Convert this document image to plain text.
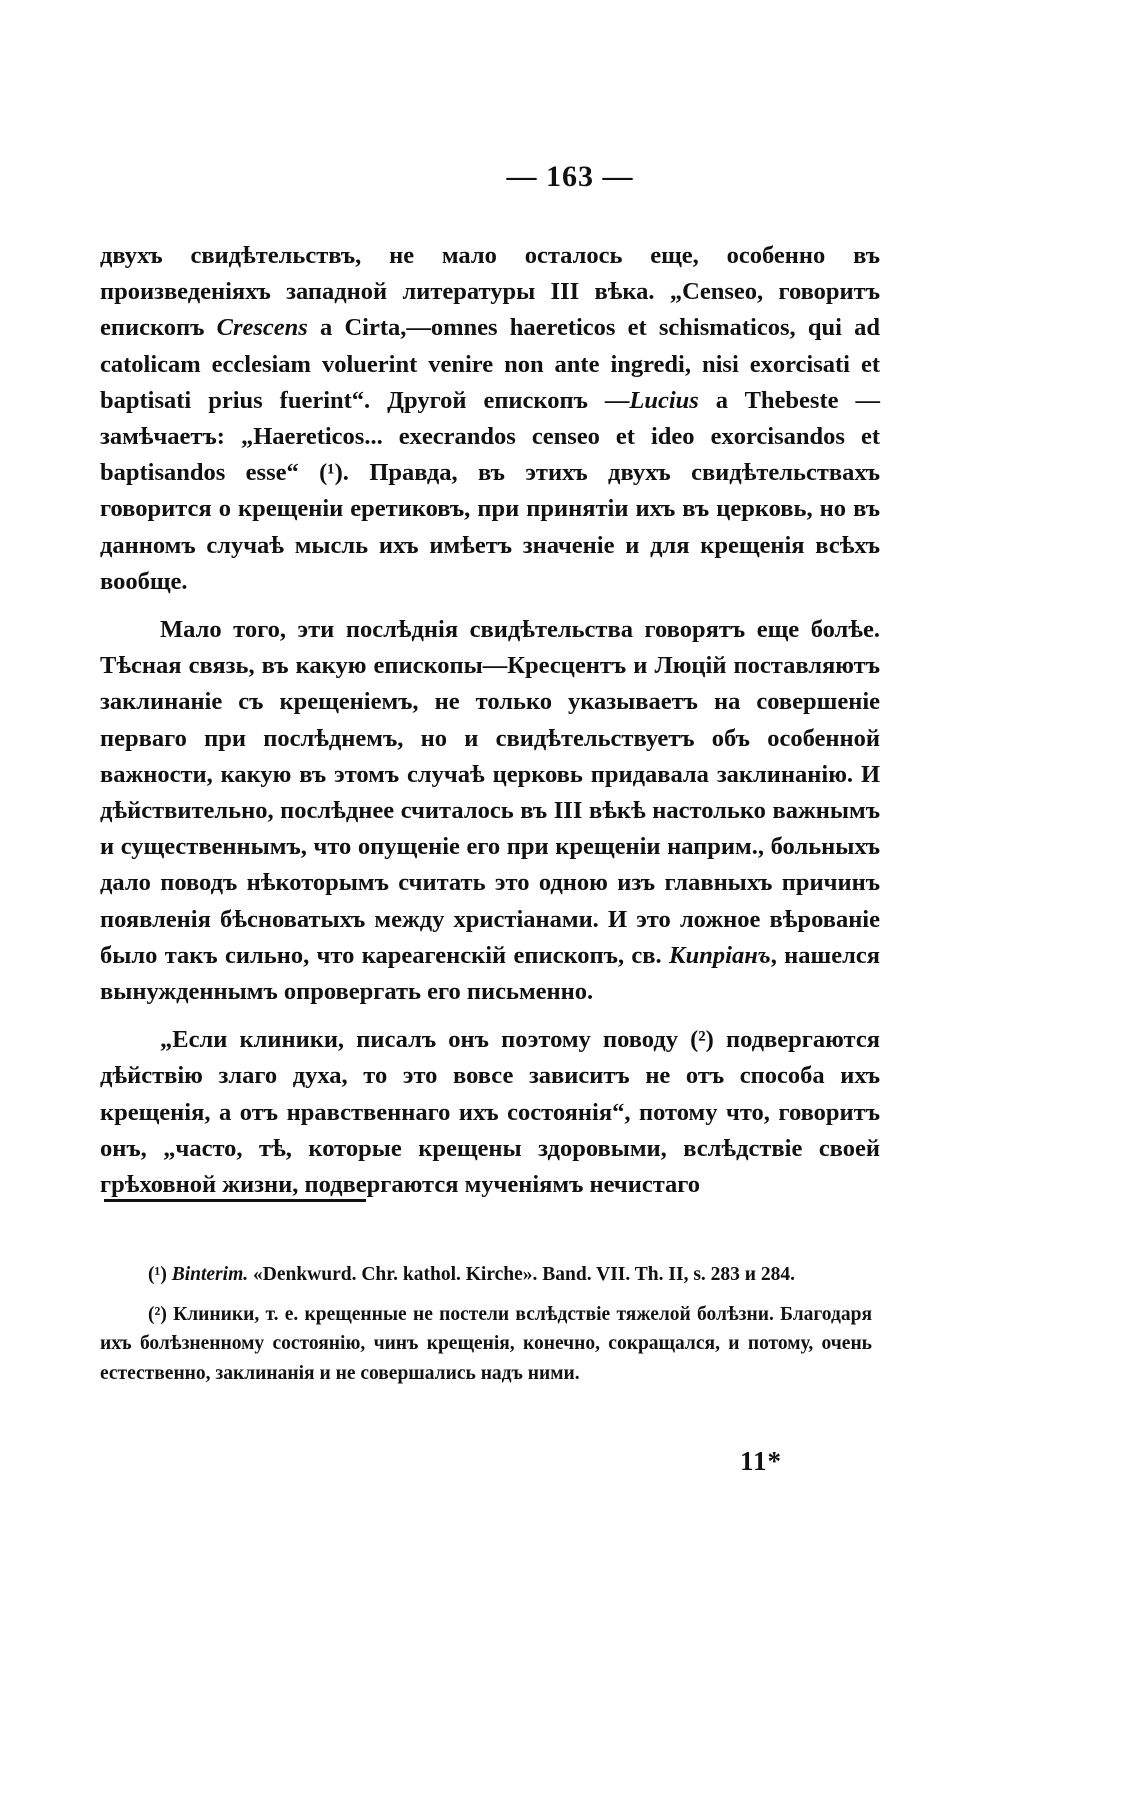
— 163 —

двухъ свидѣтельствъ, не мало осталось еще, особенно въ произведеніяхъ западной литературы III вѣка. „Censeo, говоритъ епископъ Crescens a Cirta,—omnes haereticos et schismaticos, qui ad catolicam ecclesiam voluerint venire non ante ingredi, nisi exorcisati et baptisati prius fuerint“. Другой епископъ —Lucius a Thebeste —замѣчаетъ: „Haereticos... execrandos censeo et ideo exorcisandos et baptisandos esse“ (¹). Правда, въ этихъ двухъ свидѣтельствахъ говорится о крещеніи еретиковъ, при принятіи ихъ въ церковь, но въ данномъ случаѣ мысль ихъ имѣетъ значеніе и для крещенія всѣхъ вообще.

Мало того, эти послѣднія свидѣтельства говорятъ еще болѣе. Тѣсная связь, въ какую епископы—Кресцентъ и Люцій поставляютъ заклинаніе съ крещеніемъ, не только указываетъ на совершеніе перваго при послѣднемъ, но и свидѣтельствуетъ объ особенной важности, какую въ этомъ случаѣ церковь придавала заклинанію. И дѣйствительно, послѣднее считалось въ III вѣкѣ настолько важнымъ и существеннымъ, что опущеніе его при крещеніи наприм., больныхъ дало поводъ нѣкоторымъ считать это одною изъ главныхъ причинъ появленія бѣсноватыхъ между христіанами. И это ложное вѣрованіе было такъ сильно, что кареагенскій епископъ, св. Кипріанъ, нашелся вынужденнымъ опровергать его письменно.

„Если клиники, писалъ онъ поэтому поводу (²) подвергаются дѣйствію злаго духа, то это вовсе зависитъ не отъ способа ихъ крещенія, а отъ нравственнаго ихъ состоянія“, потому что, говоритъ онъ, „часто, тѣ, которые крещены здоровыми, вслѣдствіе своей грѣховной жизни, подвергаются мученіямъ нечистаго

(¹) Binterim. «Denkwurd. Chr. kathol. Kirche». Band. VII. Th. II, s. 283 и 284.

(²) Клиники, т. е. крещенные не постели вслѣдствіе тяжелой болѣзни. Благодаря ихъ болѣзненному состоянію, чинъ крещенія, конечно, сокращался, и потому, очень естественно, заклинанія и не совершались надъ ними.

11*
